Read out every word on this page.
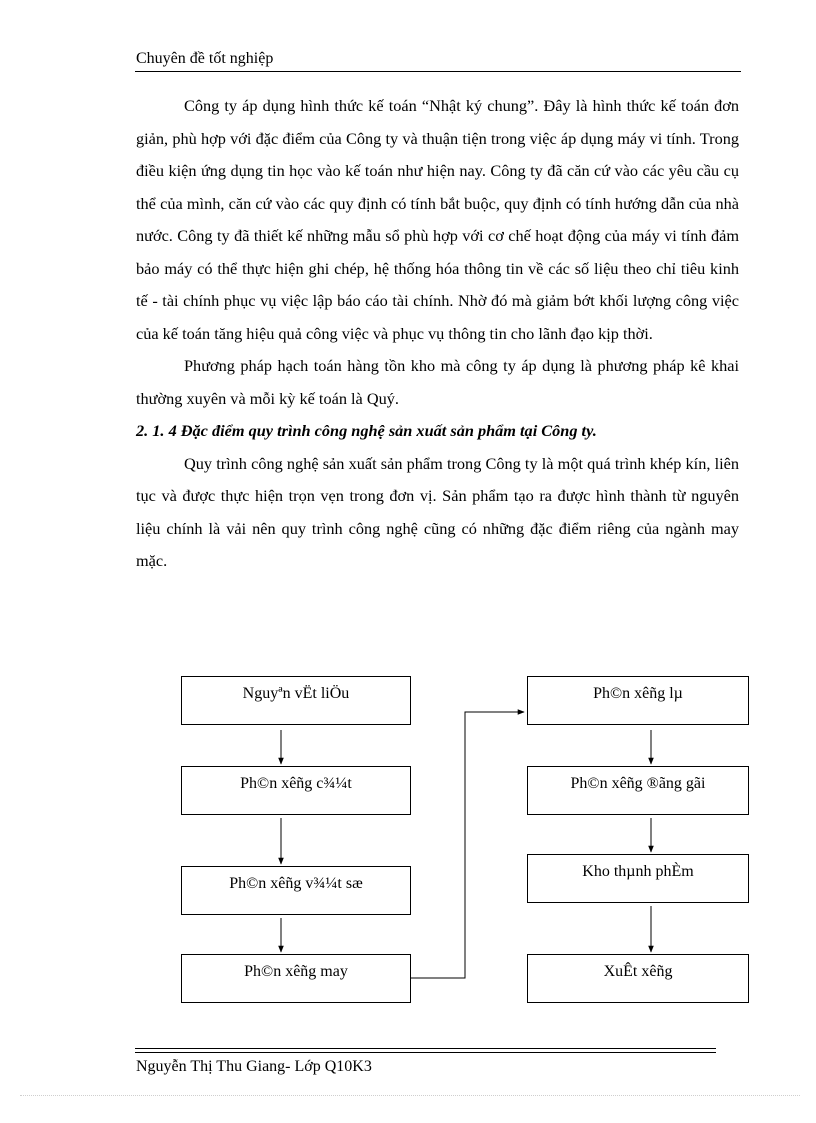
Chuyên đề tốt nghiệp

Công ty áp dụng hình thức kế toán “Nhật ký chung”. Đây là hình thức kế toán đơn giản, phù hợp với đặc điểm của Công ty và thuận tiện trong việc áp dụng máy vi tính. Trong điều kiện ứng dụng tin học vào kế toán như hiện nay. Công ty đã căn cứ vào các yêu cầu cụ thể của mình, căn cứ vào các quy định có tính bắt buộc, quy định có tính hướng dẫn của nhà nước. Công ty đã thiết kế những mẫu sổ phù hợp với cơ chế hoạt động của máy vi tính đảm bảo máy có thể thực hiện ghi chép, hệ thống hóa thông tin về các số liệu theo chỉ tiêu kinh tế - tài chính phục vụ việc lập báo cáo tài chính. Nhờ đó mà giảm bớt khối lượng công việc của kế toán tăng hiệu quả công việc và phục vụ thông tin cho lãnh đạo kịp thời.

Phương pháp hạch toán hàng tồn kho mà công ty áp dụng là phương pháp kê khai thường xuyên và mỗi kỳ kế toán là Quý.

2. 1. 4 Đặc điểm quy trình công nghệ sản xuất sản phẩm tại Công ty.

Quy trình công nghệ sản xuất sản phẩm trong Công ty là một quá trình khép kín, liên tục và được thực hiện trọn vẹn trong đơn vị. Sản phẩm tạo ra được hình thành từ nguyên liệu chính là vải nên quy trình công nghệ cũng có những đặc điểm riêng của ngành may mặc.

Nguyªn vËt liÖu
Ph©n xêñg c¾¼t
Ph©n xêñg v¾¼t sæ
Ph©n xêñg may
Ph©n xêñg lµ
Ph©n xêñg ®ãng gãi
Kho thµnh phÈm
XuÊt xêñg
Nguyễn Thị Thu Giang- Lớp Q10K3
